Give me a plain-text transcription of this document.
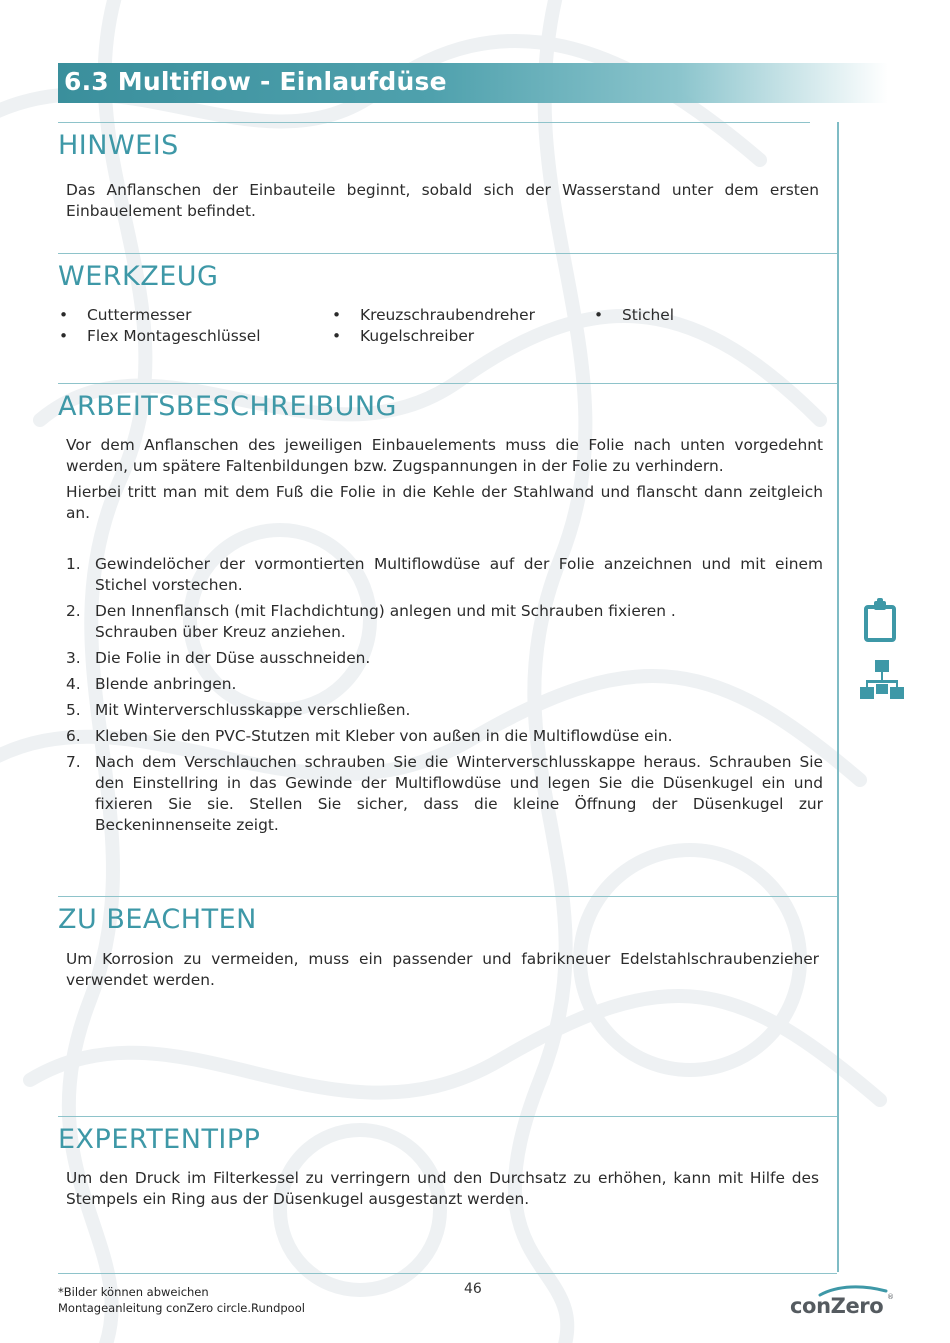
6.3 Multiflow - Einlaufdüse
HINWEIS

Das Anflanschen der Einbauteile beginnt, sobald sich der Wasserstand unter dem ersten Einbauelement befindet.

WERKZEUG
• Cuttermesser
• Flex Montageschlüssel
• Kreuzschraubendreher
• Kugelschreiber
• Stichel
ARBEITSBESCHREIBUNG

Vor dem Anflanschen des jeweiligen Einbauelements muss die Folie nach unten vorgedehnt werden, um spätere Faltenbildungen bzw. Zugspannungen in der Folie zu verhindern.

Hierbei tritt man mit dem Fuß die Folie in die Kehle der Stahlwand und flanscht dann zeitgleich an.

1. Gewindelöcher der vormontierten Multiflowdüse auf der Folie anzeichnen und mit einem Stichel vorstechen.
2. Den Innenflansch (mit Flachdichtung) anlegen und mit Schrauben fixieren .
Schrauben über Kreuz anziehen.
3. Die Folie in der Düse ausschneiden.
4. Blende anbringen.
5. Mit Winterverschlusskappe verschließen.
6. Kleben Sie den PVC-Stutzen mit Kleber von außen in die Multiflowdüse ein.
7. Nach dem Verschlauchen schrauben Sie die Winterverschlusskappe heraus. Schrauben Sie den Einstellring in das Gewinde der Multiflowdüse und legen Sie die Düsenkugel ein und fixieren Sie sie. Stellen Sie sicher, dass die kleine Öffnung der Düsenkugel zur Beckeninnenseite zeigt.
ZU BEACHTEN

Um Korrosion zu vermeiden, muss ein passender und fabrikneuer Edelstahlschraubenzieher verwendet werden.

EXPERTENTIPP

Um den Druck im Filterkessel zu verringern und den Durchsatz zu erhöhen, kann mit Hilfe des Stempels ein Ring aus der Düsenkugel ausgestanzt werden.

*Bilder können abweichen
Montageanleitung conZero circle.Rundpool
46
conZero ®
